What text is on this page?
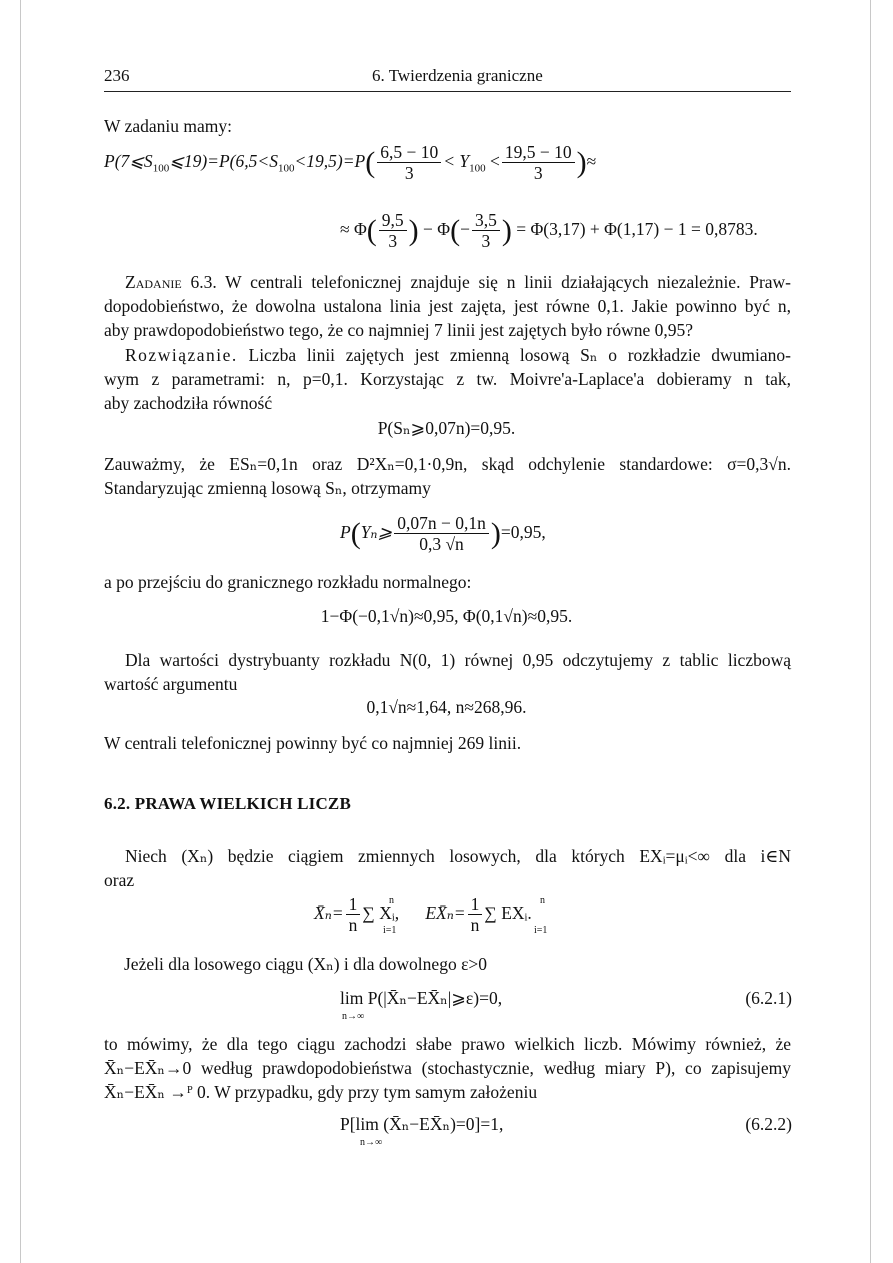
236	6. Twierdzenia graniczne
W zadaniu mamy:
$P(7⩽S_{100}⩽19)=P(6,5<S_{100}<19,5)=P( \frac{6,5 - 10}{3} < Y_{100} < \frac{19,5 - 10}{3}$ )≈
≈ $\Phi( \frac{9,5}{3}$ ) − $\Phi(- \frac{3,5}{3}$ ) = Φ(3,17) + Φ(1,17) − 1 = 0,8783.
Zadanie 6.3. W centrali telefonicznej znajduje się n linii działających niezależnie. Praw-
dopodobieństwo, że dowolna ustalona linia jest zajęta, jest równe 0,1. Jakie powinno być n,
aby prawdopodobieństwo tego, że co najmniej 7 linii jest zajętych było równe 0,95?
Rozwiązanie. Liczba linii zajętych jest zmienną losową Sₙ o rozkładzie dwumiano-
wym z parametrami: n, p=0,1. Korzystając z tw. Moivre'a-Laplace'a dobieramy n tak,
aby zachodziła równość
P(Sₙ⩾0,07n)=0,95.
Zauważmy, że ESₙ=0,1n oraz D²Xₙ=0,1·0,9n, skąd odchylenie standardowe: σ=0,3√n.
Standaryzując zmienną losową Sₙ, otrzymamy
P(Yₙ⩾ $\frac{0,07n - 0,1n}{0,3 √n} )=0,95$,
a po przejściu do granicznego rozkładu normalnego:
1−Φ(−0,1√n)≈0,95, Φ(0,1√n)≈0,95.
Dla wartości dystrybuanty rozkładu N(0, 1) równej 0,95 odczytujemy z tablic liczbową
wartość argumentu
0,1√n≈1,64, n≈268,96.
W centrali telefonicznej powinny być co najmniej 269 linii.
6.2. PRAWA WIELKICH LICZB
Niech (Xₙ) będzie ciągiem zmiennych losowych, dla których EXᵢ=μᵢ<∞ dla i∈N
oraz
X̄ₙ= $\frac{1}{n}$ ∑ Xᵢ, EX̄ₙ= $\frac{1}{n}$ ∑ EXᵢ.
n
i=1
n
i=1
Jeżeli dla losowego ciągu (Xₙ) i dla dowolnego ε>0
lim P(|X̄ₙ−EX̄ₙ|⩾ε)=0,
n→∞
(6.2.1)
to mówimy, że dla tego ciągu zachodzi słabe prawo wielkich liczb. Mówimy również, że
X̄ₙ−EX̄ₙ→0 według prawdopodobieństwa (stochastycznie, według miary P), co zapisujemy
X̄ₙ−EX̄ₙ →ᴾ 0. W przypadku, gdy przy tym samym założeniu
P[lim (X̄ₙ−EX̄ₙ)=0]=1,
n→∞
(6.2.2)
